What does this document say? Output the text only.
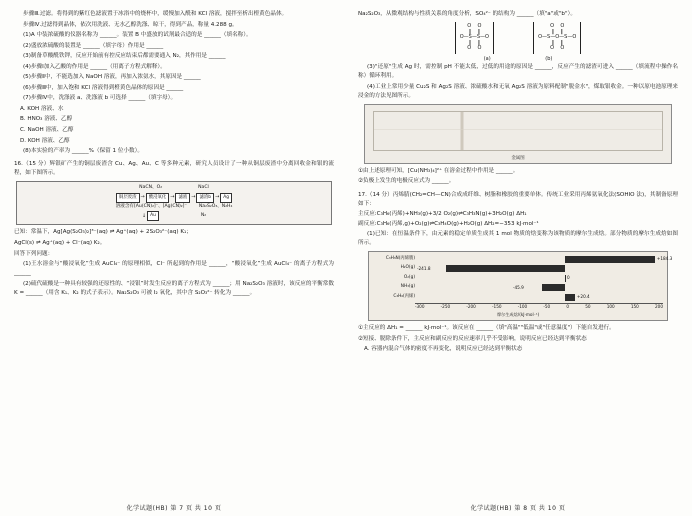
步骤Ⅲ.过滤。将得到的紫红色滤液置于冰浴中的烧杯中，缓慢加入酰和 KCl 溶液，搅拌至析出橙黄色晶体。

步骤Ⅳ.过滤得到晶体，依次用洗液、无水乙醇洗涤、晾干，得到产品，称量 4.288 g。

(1)A 中装浓硫酸的仪器名称为 ______。装置 B 中盛放的试剂最合适的是 ______（填名称）。

(2)盛放浓硫酸的装置是 ______（填字母）作用是 ______

(3)制备草酸酰铁钾，反应开始前有控反应结束后都需要通入 N₂，其作用是 ______

(4)步骤Ⅰ加入乙酸的作用是 ______（用离子方程式解释）。

(5)步骤Ⅱ中，不能选加入 NaOH 溶液，再加入浓氨水，其原因是 ______

(6)步骤Ⅲ中，加入饱和 KCl 溶液得到橙黄色晶体的原因是 ______

(7)步骤Ⅳ中，洗涤液 a、洗涤液 b 可选择 ______（填字母）。

A. KOH 溶液、水

B. HNO₃ 溶液、乙醇

C. NaOH 溶液、乙醇

D. KOH 溶液、乙醇

(8)本实验的产率为 ______%（保留 1 位小数）。

16.（15 分）辉银矿产生的铜层废渣含 Cu、Ag、Au、C 等多种元素，研究人员设计了一种从铜层废渣中分离回收金和银的流程，如下图所示。

NaCN、O₂	NaCl
铜层废渣 → 酸浸氧化 → 滤液 → 滤渣b → Ag
溶液含有[Au(CN)₂]⁻、[Ag(CN)₂]⁻	Na₂S₂O₃、N₂H₄
↓ Au	N₂

已知：常温下，Ag[Ag(S₂O₃)₂]³⁻(aq) ⇌ Ag⁺(aq) + 2S₂O₃²⁻(aq) K₁；

AgCl(s) ⇌ Ag⁺(aq) + Cl⁻(aq) K₂。

回答下列问题：

(1)王水溶金与“酸浸氧化”生成 AuCl₄⁻ 的原理相似，Cl⁻ 所起到的作用是 ______，“酸浸氧化”生成 AuCl₄⁻ 的离子方程式为 ______

(2)硫代硫酸是一种具有较强的还原性的、“浸银”时发生反应的离子方程式为 ______；用 Na₂S₂O₃ 溶液时，该反应的平衡常数 K = ______（用含 K₁、K₂ 的式子表示）。Na₂S₂O₃ 可被 I₂ 氧化，其中含 S₂O₃²⁻ 转化为 ______。

Na₂S₂O₃，从微观结构与性质关系的角度分析，SO₄²⁻ 的结构为 ______（填"a"或"b"）。

O    O
‖    ‖
O—S—S—O
‖    ‖
O    O  O    O
‖    ‖
O—S—O—S—O
‖    ‖
O    O
(a)	(b)

(3)"还原"生成 Ag 时，需控制 pH 不能太低，过低的用途的原因是 ______，反应产生的滤渣可进入 ______（填流程中操作名称）循环利用。

(4)工业上常用少量 Cu₂S 和 Ag₂S 溶液、浓硫酸水和无氧 Ag₂S 溶液为原料配制"脱金水"，煤取银收金。一种以原电池原理来浸金的方法见图所示。

金属图

①由上述原理可知，[Cu(NH₃)₄]²⁺ 在溶金过程中作用是 ______。

②负极上发生的电极反应式为 ______。

17.（14 分）丙烯腈(CH₂=CH—CN)合成成纤维、树脂和橡胶的重要单体。传统工业采用丙烯氨氧化法(SOHIO 法)，其制备原理如下：

主反应:C₃H₆(丙烯)+NH₃(g)+3/2 O₂(g)⇌C₃H₃N(g)+3H₂O(g) ΔH₁

副反应:C₃H₆(丙烯,g)+O₂(g)⇌C₃H₄O(g)+H₂O(g) ΔH₂=−353 kJ·mol⁻¹

(1)已知：在恒温条件下，由元素的稳定单质生成其 1 mol 物质的焓变称为该物质的摩尔生成焓。部分物质的摩尔生成焓如图所示。

C₃H₃N(丙烯腈)	+184.3
H₂O(g) -241.8
O₂(g)	0
NH₃(g)	-45.9
C₃H₆(丙烯)	+20.4
-300	-250	-200	-150	-100	-50	0	50	100	150	200
摩尔生成焓/(kJ·mol⁻¹)

①主反应的 ΔH₁ = ______ kJ·mol⁻¹。该反应在 ______（填"高温""低温"或"任意温度"）下能自发进行。

②短接、脱除条件下，主反应和副反应的反应速率几乎不受影响，说明反应已经达到平衡状态

A. 容器内混合气体的密度不再变化，说明反应已经达到平衡状态

化学试题(HB) 第 7 页 共 10 页	化学试题(HB) 第 8 页 共 10 页
